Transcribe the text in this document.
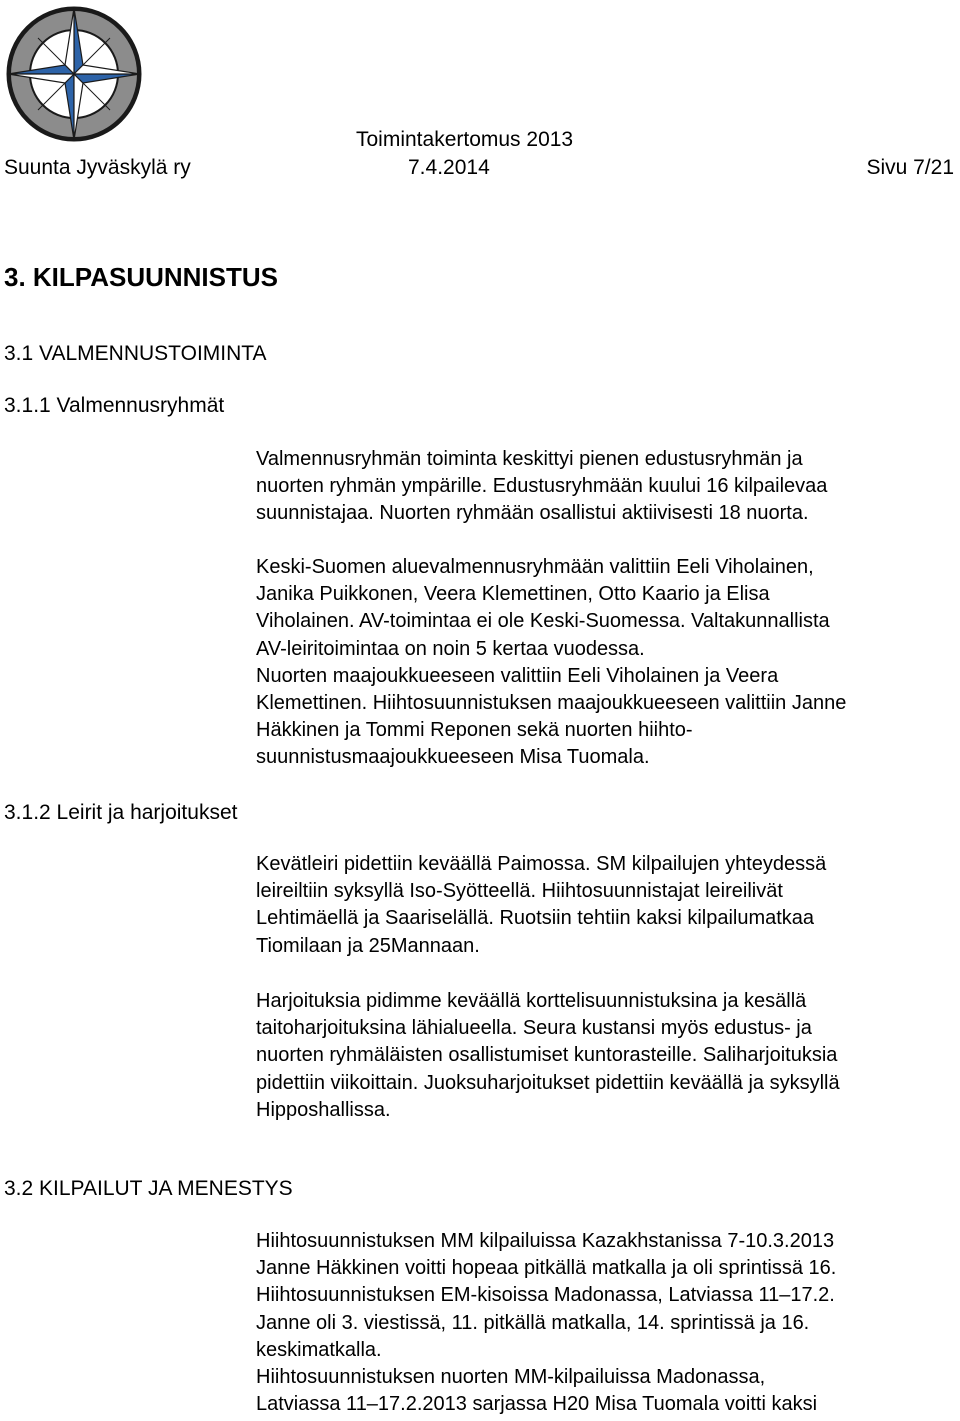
Toimintakertomus 2013
Suunta Jyväskylä ry	7.4.2014	Sivu 7/21
3. KILPASUUNNISTUS
3.1 VALMENNUSTOIMINTA
3.1.1 Valmennusryhmät
3.1.2 Leirit ja harjoitukset
3.2 KILPAILUT JA MENESTYS
Valmennusryhmän toiminta keskittyi pienen edustusryhmän ja
nuorten ryhmän ympärille. Edustusryhmään kuului 16 kilpailevaa
suunnistajaa. Nuorten ryhmään osallistui aktiivisesti 18 nuorta.
Keski-Suomen aluevalmennusryhmään valittiin Eeli Viholainen,
Janika Puikkonen, Veera Klemettinen, Otto Kaario ja Elisa
Viholainen. AV-toimintaa ei ole Keski-Suomessa. Valtakunnallista
AV-leiritoimintaa on noin 5 kertaa vuodessa.
Nuorten maajoukkueeseen valittiin Eeli Viholainen ja Veera
Klemettinen. Hiihtosuunnistuksen maajoukkueeseen valittiin Janne
Häkkinen ja Tommi Reponen sekä nuorten hiihto-
suunnistusmaajoukkueeseen Misa Tuomala.
Kevätleiri pidettiin keväällä Paimossa. SM kilpailujen yhteydessä
leireiltiin syksyllä Iso-Syötteellä. Hiihtosuunnistajat leireilivät
Lehtimäellä ja Saariselällä. Ruotsiin tehtiin kaksi kilpailumatkaa
Tiomilaan ja 25Mannaan.
Harjoituksia pidimme keväällä korttelisuunnistuksina ja kesällä
taitoharjoituksina lähialueella. Seura kustansi myös edustus- ja
nuorten ryhmäläisten osallistumiset kuntorasteille. Saliharjoituksia
pidettiin viikoittain. Juoksuharjoitukset pidettiin keväällä ja syksyllä
Hipposhallissa.
Hiihtosuunnistuksen MM kilpailuissa Kazakhstanissa 7-10.3.2013
Janne Häkkinen voitti hopeaa pitkällä matkalla ja oli sprintissä 16.
Hiihtosuunnistuksen EM-kisoissa Madonassa, Latviassa 11–17.2.
Janne oli 3. viestissä, 11. pitkällä matkalla, 14. sprintissä ja 16.
keskimatkalla.
Hiihtosuunnistuksen nuorten MM-kilpailuissa Madonassa,
Latviassa 11–17.2.2013 sarjassa H20 Misa Tuomala voitti kaksi
